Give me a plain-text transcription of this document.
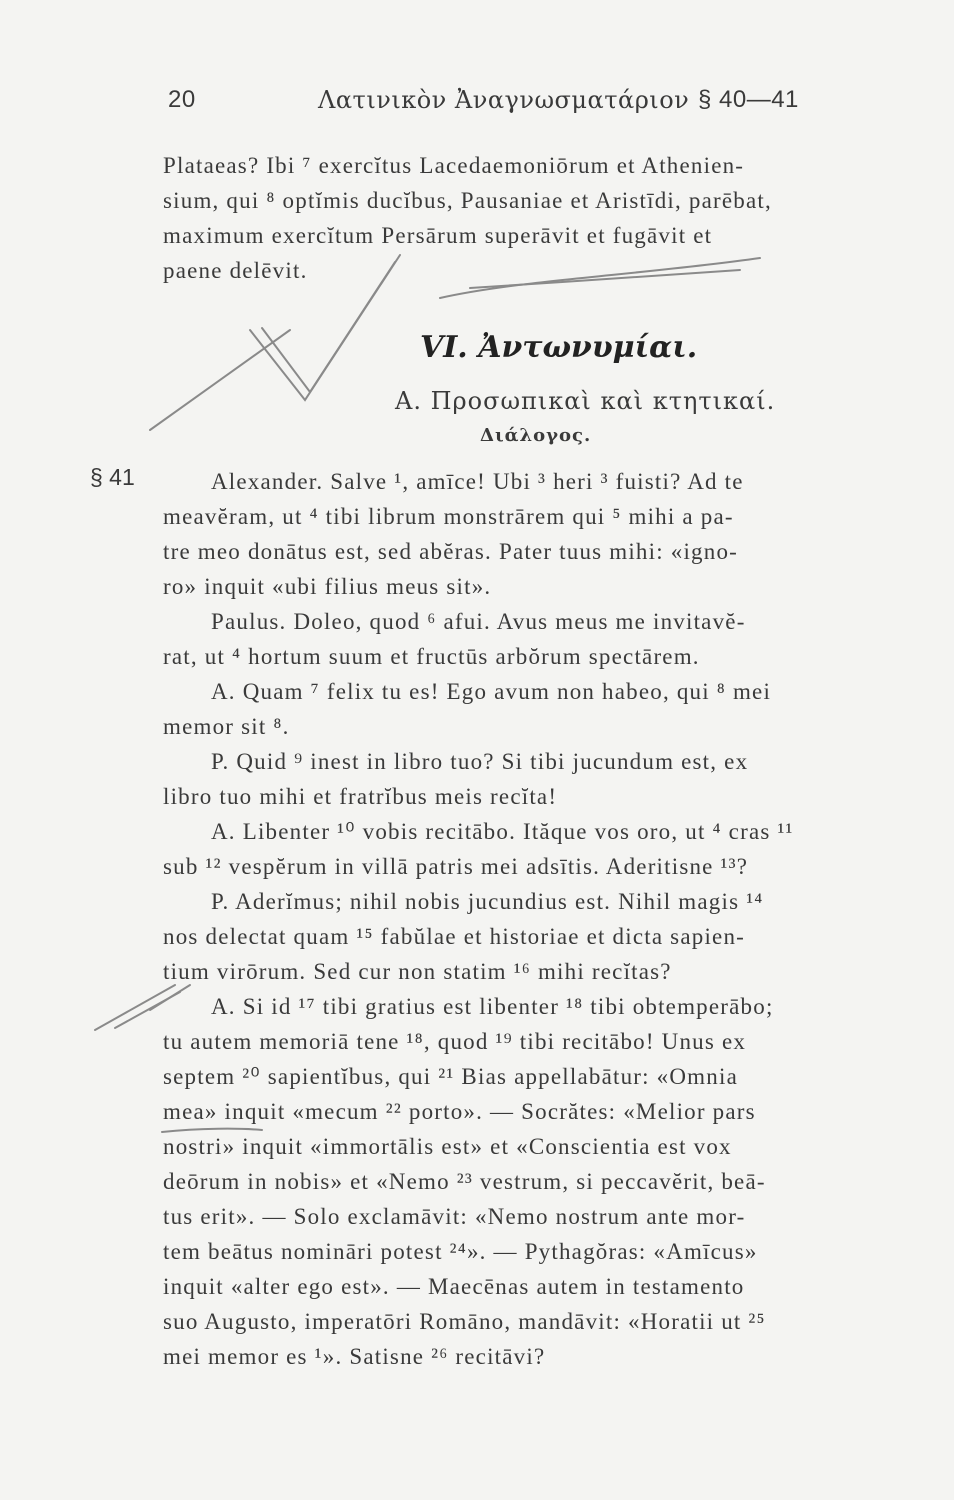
20	Λατινικὸν Ἀναγνωσματάριον § 40—41

Plataeas? Ibi ⁷ exercĭtus Lacedaemoniōrum et Athenien-

sium, qui ⁸ optĭmis ducĭbus, Pausaniae et Aristīdi, parēbat,

maximum exercĭtum Persārum superāvit et fugāvit et

paene delēvit.

VI. Ἀντωνυμίαι.
Α. Προσωπικαὶ καὶ κτητικαί.
Διάλογος.
§ 41	Alexander. Salve ¹, amīce! Ubi ³ heri ³ fuisti? Ad te

meavĕram, ut ⁴ tibi librum monstrārem qui ⁵ mihi a pa-

tre meo donātus est, sed abĕras. Pater tuus mihi: «igno-

ro» inquit «ubi filius meus sit».

Paulus. Doleo, quod ⁶ afui. Avus meus me invitavĕ-

rat, ut ⁴ hortum suum et fructūs arbŏrum spectārem.

A. Quam ⁷ felix tu es! Ego avum non habeo, qui ⁸ mei

memor sit ⁸.

P. Quid ⁹ inest in libro tuo? Si tibi jucundum est, ex

libro tuo mihi et fratrĭbus meis recĭta!

A. Libenter ¹⁰ vobis recitābo. Ităque vos oro, ut ⁴ cras ¹¹

sub ¹² vespĕrum in villā patris mei adsītis. Aderitisne ¹³?

P. Aderĭmus; nihil nobis jucundius est. Nihil magis ¹⁴

nos delectat quam ¹⁵ fabŭlae et historiae et dicta sapien-

tium virōrum. Sed cur non statim ¹⁶ mihi recĭtas?

A. Si id ¹⁷ tibi gratius est libenter ¹⁸ tibi obtemperābo;

tu autem memoriā tene ¹⁸, quod ¹⁹ tibi recitābo! Unus ex

septem ²⁰ sapientĭbus, qui ²¹ Bias appellabātur: «Omnia

mea» inquit «mecum ²² porto». — Socrătes: «Melior pars

nostri» inquit «immortālis est» et «Conscientia est vox

deōrum in nobis» et «Nemo ²³ vestrum, si peccavĕrit, beā-

tus erit». — Solo exclamāvit: «Nemo nostrum ante mor-

tem beātus nomināri potest ²⁴». — Pythagŏras: «Amīcus»

inquit «alter ego est». — Maecēnas autem in testamento

suo Augusto, imperatōri Romāno, mandāvit: «Horatii ut ²⁵

mei memor es ¹». Satisne ²⁶ recitāvi?
